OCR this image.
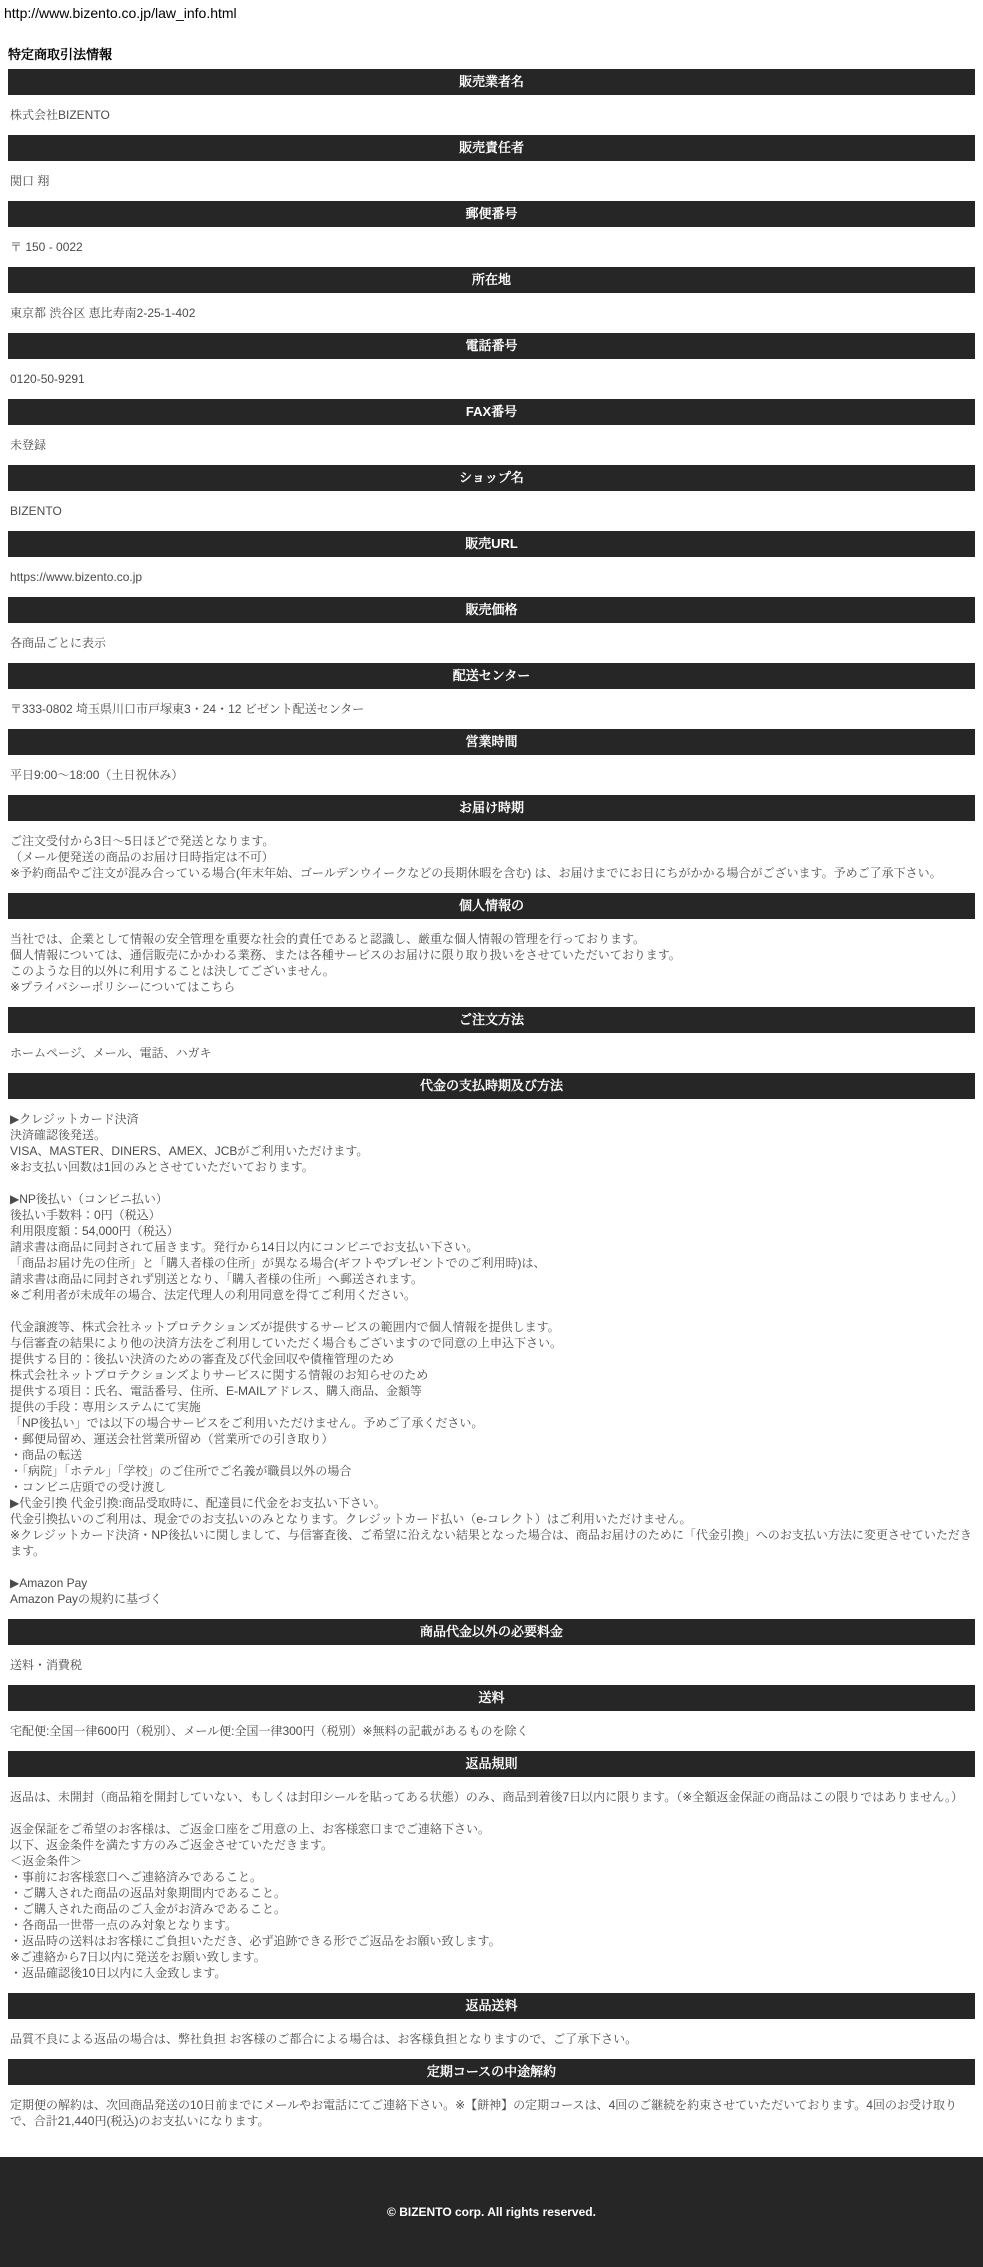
http://www.bizento.co.jp/law_info.html
特定商取引法情報
販売業者名

株式会社BIZENTO

販売責任者

関口 翔

郵便番号

〒 150 - 0022

所在地

東京都 渋谷区 恵比寿南2-25-1-402

電話番号

0120-50-9291

FAX番号

未登録

ショップ名

BIZENTO

販売URL

https://www.bizento.co.jp

販売価格

各商品ごとに表示

配送センター

〒333-0802 埼玉県川口市戸塚東3・24・12 ビゼント配送センター

営業時間

平日9:00〜18:00（土日祝休み）

お届け時期

ご注文受付から3日〜5日ほどで発送となります。

（メール便発送の商品のお届け日時指定は不可）

※予約商品やご注文が混み合っている場合(年末年始、ゴールデンウイークなどの長期休暇を含む) は、お届けまでにお日にちがかかる場合がございます。予めご了承下さい。

個人情報の

当社では、企業として情報の安全管理を重要な社会的責任であると認識し、厳重な個人情報の管理を行っております。

個人情報については、通信販売にかかわる業務、または各種サービスのお届けに限り取り扱いをさせていただいております。

このような目的以外に利用することは決してございません。

※プライバシーポリシーについてはこちら

ご注文方法

ホームページ、メール、電話、ハガキ

代金の支払時期及び方法

▶クレジットカード決済

決済確認後発送。

VISA、MASTER、DINERS、AMEX、JCBがご利用いただけます。

※お支払い回数は1回のみとさせていただいております。

▶NP後払い（コンビニ払い）

後払い手数料：0円（税込）

利用限度額：54,000円（税込）

請求書は商品に同封されて届きます。発行から14日以内にコンビニでお支払い下さい。

「商品お届け先の住所」と「購入者様の住所」が異なる場合(ギフトやプレゼントでのご利用時)は、

請求書は商品に同封されず別送となり、「購入者様の住所」へ郵送されます。

※ご利用者が未成年の場合、法定代理人の利用同意を得てご利用ください。

代金譲渡等、株式会社ネットプロテクションズが提供するサービスの範囲内で個人情報を提供します。

与信審査の結果により他の決済方法をご利用していただく場合もございますので同意の上申込下さい。

提供する目的：後払い決済のための審査及び代金回収や債権管理のため

株式会社ネットプロテクションズよりサービスに関する情報のお知らせのため

提供する項目：氏名、電話番号、住所、E-MAILアドレス、購入商品、金額等

提供の手段：専用システムにて実施

「NP後払い」では以下の場合サービスをご利用いただけません。予めご了承ください。

・郵便局留め、運送会社営業所留め（営業所での引き取り）

・商品の転送

・「病院」「ホテル」「学校」のご住所でご名義が職員以外の場合

・コンビニ店頭での受け渡し

▶代金引換 代金引換:商品受取時に、配達員に代金をお支払い下さい。

代金引換払いのご利用は、現金でのお支払いのみとなります。クレジットカード払い（e-コレクト）はご利用いただけません。

※クレジットカード決済・NP後払いに関しまして、与信審査後、ご希望に沿えない結果となった場合は、商品お届けのために「代金引換」へのお支払い方法に変更させていただきます。

▶Amazon Pay

Amazon Payの規約に基づく

商品代金以外の必要料金

送料・消費税

送料

宅配便:全国一律600円（税別）、メール便:全国一律300円（税別）※無料の記載があるものを除く

返品規則

返品は、未開封（商品箱を開封していない、もしくは封印シールを貼ってある状態）のみ、商品到着後7日以内に限ります。（※全額返金保証の商品はこの限りではありません。）

返金保証をご希望のお客様は、ご返金口座をご用意の上、お客様窓口までご連絡下さい。

以下、返金条件を満たす方のみご返金させていただきます。

＜返金条件＞

・事前にお客様窓口へご連絡済みであること。

・ご購入された商品の返品対象期間内であること。

・ご購入された商品のご入金がお済みであること。

・各商品一世帯一点のみ対象となります。

・返品時の送料はお客様にご負担いただき、必ず追跡できる形でご返品をお願い致します。

※ご連絡から7日以内に発送をお願い致します。

・返品確認後10日以内に入金致します。

返品送料

品質不良による返品の場合は、弊社負担 お客様のご都合による場合は、お客様負担となりますので、ご了承下さい。

定期コースの中途解約

定期便の解約は、次回商品発送の10日前までにメールやお電話にてご連絡下さい。※【餅神】の定期コースは、4回のご継続を約束させていただいております。4回のお受け取りで、合計21,440円(税込)のお支払いになります。

© BIZENTO corp. All rights reserved.
